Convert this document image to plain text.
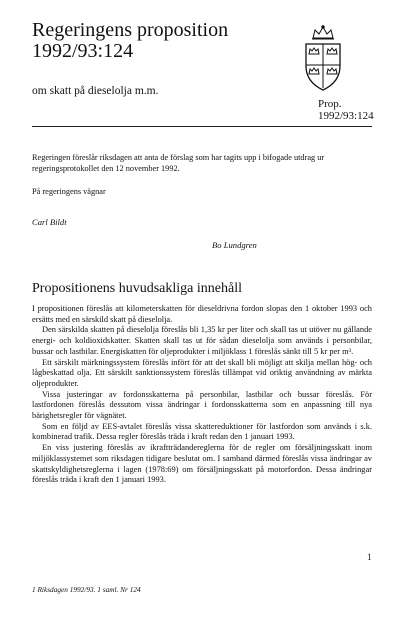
Regeringens proposition
1992/93:124
om skatt på dieselolja m.m.
Prop.
1992/93:124
Regeringen föreslår riksdagen att anta de förslag som har tagits upp i bifogade utdrag ur regeringsprotokollet den 12 november 1992.
På regeringens vägnar
Carl Bildt
Bo Lundgren
Propositionens huvudsakliga innehåll

I propositionen föreslås att kilometerskatten för dieseldrivna fordon slopas den 1 oktober 1993 och ersätts med en särskild skatt på dieselolja.

Den särskilda skatten på dieselolja föreslås bli 1,35 kr per liter och skall tas ut utöver nu gällande energi- och koldioxidskatter. Skatten skall tas ut för sådan dieselolja som används i personbilar, bussar och lastbilar. Energiskatten för oljeprodukter i miljöklass 1 föreslås sänkt till 5 kr per m³.

Ett särskilt märkningssystem föreslås infört för att det skall bli möjligt att skilja mellan hög- och lågbeskattad olja. Ett särskilt sanktionssystem föreslås tillämpat vid oriktig användning av märkta oljeprodukter.

Vissa justeringar av fordonsskatterna på personbilar, lastbilar och bussar föreslås. För lastfordonen föreslås dessutom vissa ändringar i fordonsskatterna som en anpassning till nya bärighetsregler för vägnätet.

Som en följd av EES-avtalet föreslås vissa skattereduktioner för lastfordon som används i s.k. kombinerad trafik. Dessa regler föreslås träda i kraft redan den 1 januari 1993.

En viss justering föreslås av ikraftträdandereglerna för de regler om försäljningsskatt inom miljöklassystemet som riksdagen tidigare beslutat om. I samband därmed föreslås vissa ändringar av skattskyldighetsreglerna i lagen (1978:69) om försäljningsskatt på motorfordon. Dessa ändringar föreslås träda i kraft den 1 januari 1993.

1
1 Riksdagen 1992/93. 1 saml. Nr 124
